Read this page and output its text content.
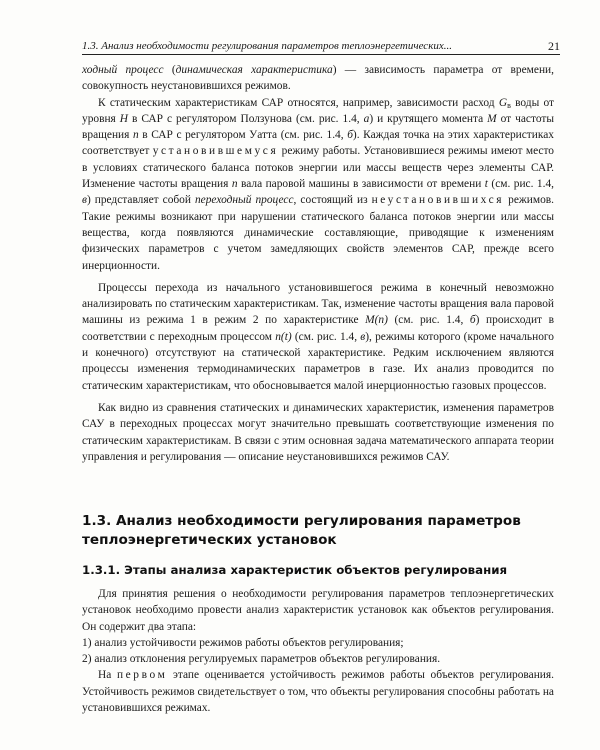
1.3. Анализ необходимости регулирования параметров теплоэнергетических...	21

ходный процесс (динамическая характеристика) — зависимость параметра от времени, совокупность неустановившихся режимов.

К статическим характеристикам САР относятся, например, зависимости расход $G_в$ воды от уровня H в САР с регулятором Ползунова (см. рис. 1.4, а) и крутящего момента M от частоты вращения n в САР с регулятором Уатта (см. рис. 1.4, б). Каждая точка на этих характеристиках соответствует установившемуся режиму работы. Установившиеся режимы имеют место в условиях статического баланса потоков энергии или массы веществ через элементы САР. Изменение частоты вращения n вала паровой машины в зависимости от времени t (см. рис. 1.4, в) представляет собой переходный процесс, состоящий из неустановившихся режимов. Такие режимы возникают при нарушении статического баланса потоков энергии или массы вещества, когда появляются динамические составляющие, приводящие к изменениям физических параметров с учетом замедляющих свойств элементов САР, прежде всего инерционности.

Процессы перехода из начального установившегося режима в конечный невозможно анализировать по статическим характеристикам. Так, изменение частоты вращения вала паровой машины из режима 1 в режим 2 по характеристике M(n) (см. рис. 1.4, б) происходит в соответствии с переходным процессом n(t) (см. рис. 1.4, в), режимы которого (кроме начального и конечного) отсутствуют на статической характеристике. Редким исключением являются процессы изменения термодинамических параметров в газе. Их анализ проводится по статическим характеристикам, что обосновывается малой инерционностью газовых процессов.

Как видно из сравнения статических и динамических характеристик, изменения параметров САУ в переходных процессах могут значительно превышать соответствующие изменения по статическим характеристикам. В связи с этим основная задача математического аппарата теории управления и регулирования — описание неустановившихся режимов САУ.

1.3. Анализ необходимости регулирования параметров теплоэнергетических установок
1.3.1. Этапы анализа характеристик объектов регулирования

Для принятия решения о необходимости регулирования параметров теплоэнергетических установок необходимо провести анализ характеристик установок как объектов регулирования. Он содержит два этапа:

1) анализ устойчивости режимов работы объектов регулирования;

2) анализ отклонения регулируемых параметров объектов регулирования.

На первом этапе оценивается устойчивость режимов работы объектов регулирования. Устойчивость режимов свидетельствует о том, что объекты регулирования способны работать на установившихся режимах.
